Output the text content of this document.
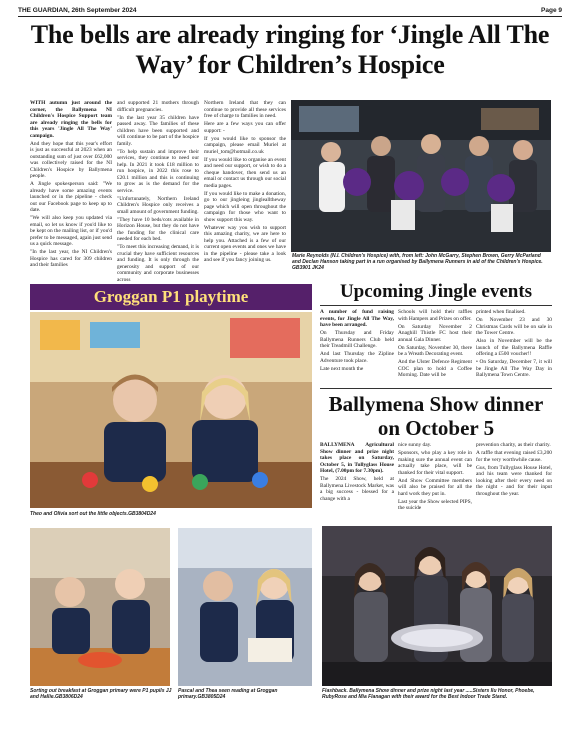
THE GUARDIAN, 26th September 2024	Page 9
The bells are already ringing for ‘Jingle All The Way’ for Children’s Hospice

WITH autumn just around the corner, the Ballymena NI Children's Hospice Support team are already ringing the bells for this years 'Jingle All The Way' campaign.

And they hope that this year's effort is just as successful at 2023 when an outstanding sum of just over £62,000 was collectively raised for the NI Children's Hospice by Ballymena people.

A Jingle spokesperson said: "We already have some amazing events launched or in the pipeline - check out our Facebook page to keep up to date.

"We will also keep you updated via email, so let us know if you'd like to be kept on the mailing list, or if you'd prefer to be messaged, again just send us a quick message.

"In the last year, the NI Children's Hospice has cared for 309 children and their families

and supported 21 mothers through difficult pregnancies.

"In the last year 35 children have passed away. The families of these children have been supported and will continue to be part of the hospice family.

"To help sustain and improve their services, they continue to need our help. In 2021 it took £18 million to run hospice, in 2022 this rose to £20.1 million and this is continuing to grow as is the demand for the service.

"Unfortunately, Northern Ireland Children's Hospice only receives a small amount of government funding.

"They have 10 beds/cots available in Horizon House, but they do not have the funding for the clinical care needed for each bed.

"To meet this increasing demand, it is crucial they have sufficient resources and funding. It is only through the generosity and support of our community and corporate businesses across

Northern Ireland that they can continue to provide all these services free of charge to families in need.

Here are a few ways you can offer support: -

If you would like to sponsor the campaign, please email Muriel at muriel_tom@hotmail.co.uk

If you would like to organise an event and need our support, or wish to do a cheque handover, then send us an email or contact us through our social media pages.

If you would like to make a donation, go to our jingleing jinglealltheway page which will open throughout the campaign for those who want to show support this way.

Whatever way you wish to support this amazing charity, we are here to help you. Attached is a few of our current open events and ones we have in the pipeline - please take a look and see if you fancy joining us.

Marie Reynolds (N.I. Children's Hospice) with, from left: John McGarry, Stephen Brown, Gerry McParland and Declan Hanson taking part in a run organised by Ballymena Runners in aid of the Children's Hospice. GB3901 JK24
Groggan P1 playtime
Theo and Olivia sort out the little objects.GB3804D24
Sorting out breakfast at Groggan primary were P1 pupils JJ and Hallie.GB3806D24
Pascal and Thea seen reading at Groggan primary.GB3805D24
Upcoming Jingle events

A number of fund raising events, for Jingle All The Way, have been arranged.

On Thursday and Friday Ballymena Runners Club held their Treadmill Challenge.

And last Thursday the Zipline Adventure took place.

Late next month the

Schools will hold their raffles with Hampers and Prizes on offer.

On Saturday November 2 Anaghill Thistle FC host their annual Gala Dinner.

On Saturday, November 30, there be a Wreath Decorating event.

And the Ulster Defence Regiment COC plan to hold a Coffee Morning. Date will be

printed when finalised.

On November 23 and 30 Christmas Cards will be on sale in the Tower Centre.

Also in November will be the launch of the Ballymena Raffle offering a £500 voucher!!

• On Saturday, December 7, it will be Jingle All The Way Day in Ballymena Town Centre.

Ballymena Show dinner on October 5

BALLYMENA Agricultural Show dinner and prize night takes place on Saturday, October 5, in Tullyglass House Hotel, (7.00pm for 7.30pm).

The 2024 Show, held at Ballymena Livestock Market, was a big success - blessed for a change with a

nice sunny day.

Sponsors, who play a key role in making sure the annual event can actually take place, will be thanked for their vital support.

And Show Committee members will also be praised for all the hard work they put in.

Last year the Show selected PIPS, the suicide

prevention charity, as their charity.

A raffle that evening raised £3,200 for the very worthwhile cause.

Gus, from Tullyglass House Hotel, and his team were thanked for looking after their every need on the night - and for their input throughout the year.

Flashback. Ballymena Show dinner and prize night last year .....Sisters Ilu Honor, Phoebe, RubyRose and Mia Flanagan with their award for the Best Indoor Trade Stand.
